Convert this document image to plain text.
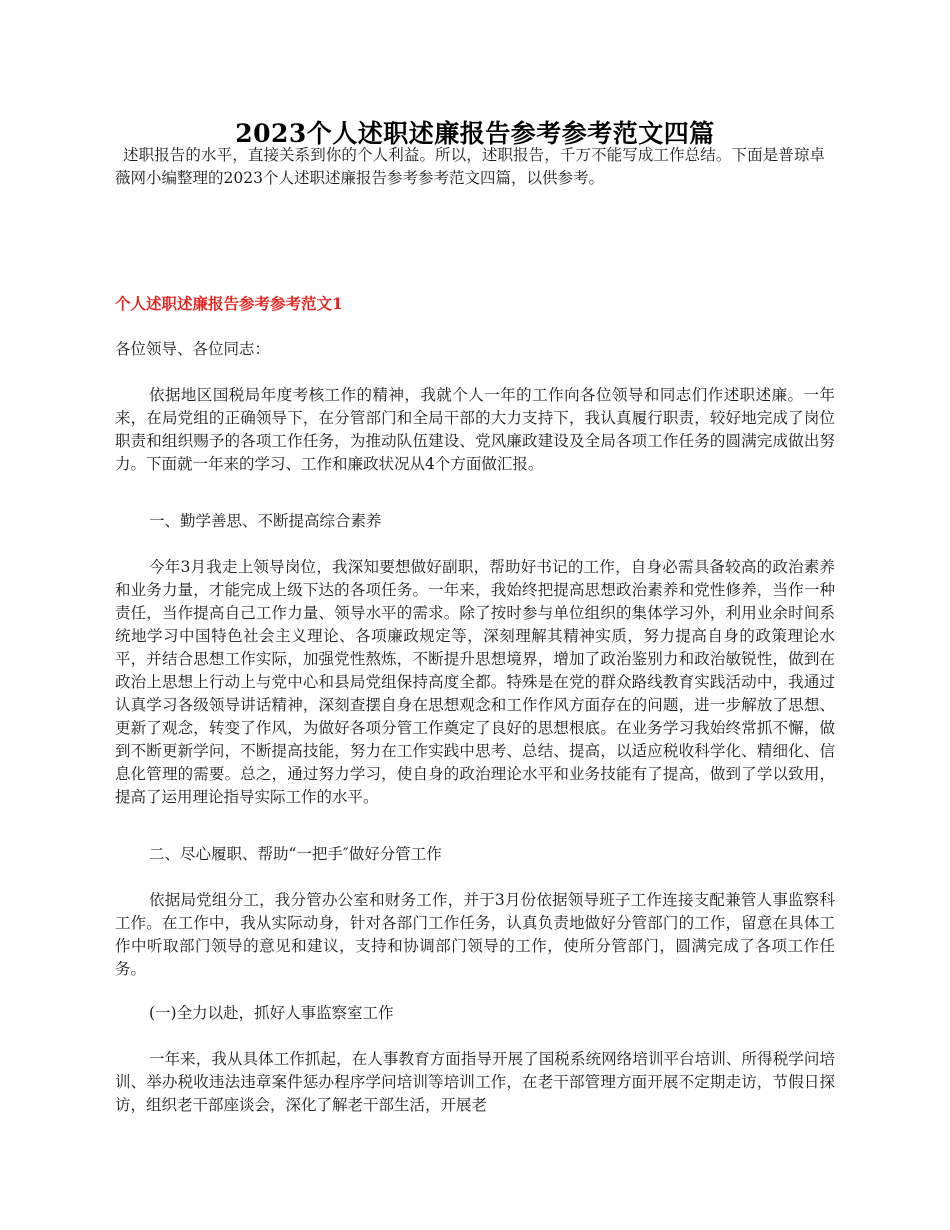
2023个人述职述廉报告参考参考范文四篇
述职报告的水平，直接关系到你的个人利益。所以，述职报告，千万不能写成工作总结。下面是普琼卓薇网小编整理的2023个人述职述廉报告参考参考范文四篇，以供参考。
个人述职述廉报告参考参考范文1

各位领导、各位同志：

依据地区国税局年度考核工作的精神，我就个人一年的工作向各位领导和同志们作述职述廉。一年来，在局党组的正确领导下，在分管部门和全局干部的大力支持下，我认真履行职责，较好地完成了岗位职责和组织赐予的各项工作任务，为推动队伍建设、党风廉政建设及全局各项工作任务的圆满完成做出努力。下面就一年来的学习、工作和廉政状况从4个方面做汇报。

一、勤学善思、不断提高综合素养

今年3月我走上领导岗位，我深知要想做好副职，帮助好书记的工作，自身必需具备较高的政治素养和业务力量，才能完成上级下达的各项任务。一年来，我始终把提高思想政治素养和党性修养，当作一种责任，当作提高自己工作力量、领导水平的需求。除了按时参与单位组织的集体学习外，利用业余时间系统地学习中国特色社会主义理论、各项廉政规定等，深刻理解其精神实质，努力提高自身的政策理论水平，并结合思想工作实际，加强党性熬炼，不断提升思想境界，增加了政治鉴别力和政治敏锐性，做到在政治上思想上行动上与党中心和县局党组保持高度全都。特殊是在党的群众路线教育实践活动中，我通过认真学习各级领导讲话精神，深刻查摆自身在思想观念和工作作风方面存在的问题，进一步解放了思想、更新了观念，转变了作风，为做好各项分管工作奠定了良好的思想根底。在业务学习我始终常抓不懈，做到不断更新学问，不断提高技能，努力在工作实践中思考、总结、提高，以适应税收科学化、精细化、信息化管理的需要。总之，通过努力学习，使自身的政治理论水平和业务技能有了提高，做到了学以致用，提高了运用理论指导实际工作的水平。

二、尽心履职、帮助“一把手″做好分管工作

依据局党组分工，我分管办公室和财务工作，并于3月份依据领导班子工作连接支配兼管人事监察科工作。在工作中，我从实际动身，针对各部门工作任务，认真负责地做好分管部门的工作，留意在具体工作中听取部门领导的意见和建议，支持和协调部门领导的工作，使所分管部门，圆满完成了各项工作任务。

(一)全力以赴，抓好人事监察室工作

一年来，我从具体工作抓起，在人事教育方面指导开展了国税系统网络培训平台培训、所得税学问培训、举办税收违法违章案件惩办程序学问培训等培训工作，在老干部管理方面开展不定期走访，节假日探访，组织老干部座谈会，深化了解老干部生活，开展老
